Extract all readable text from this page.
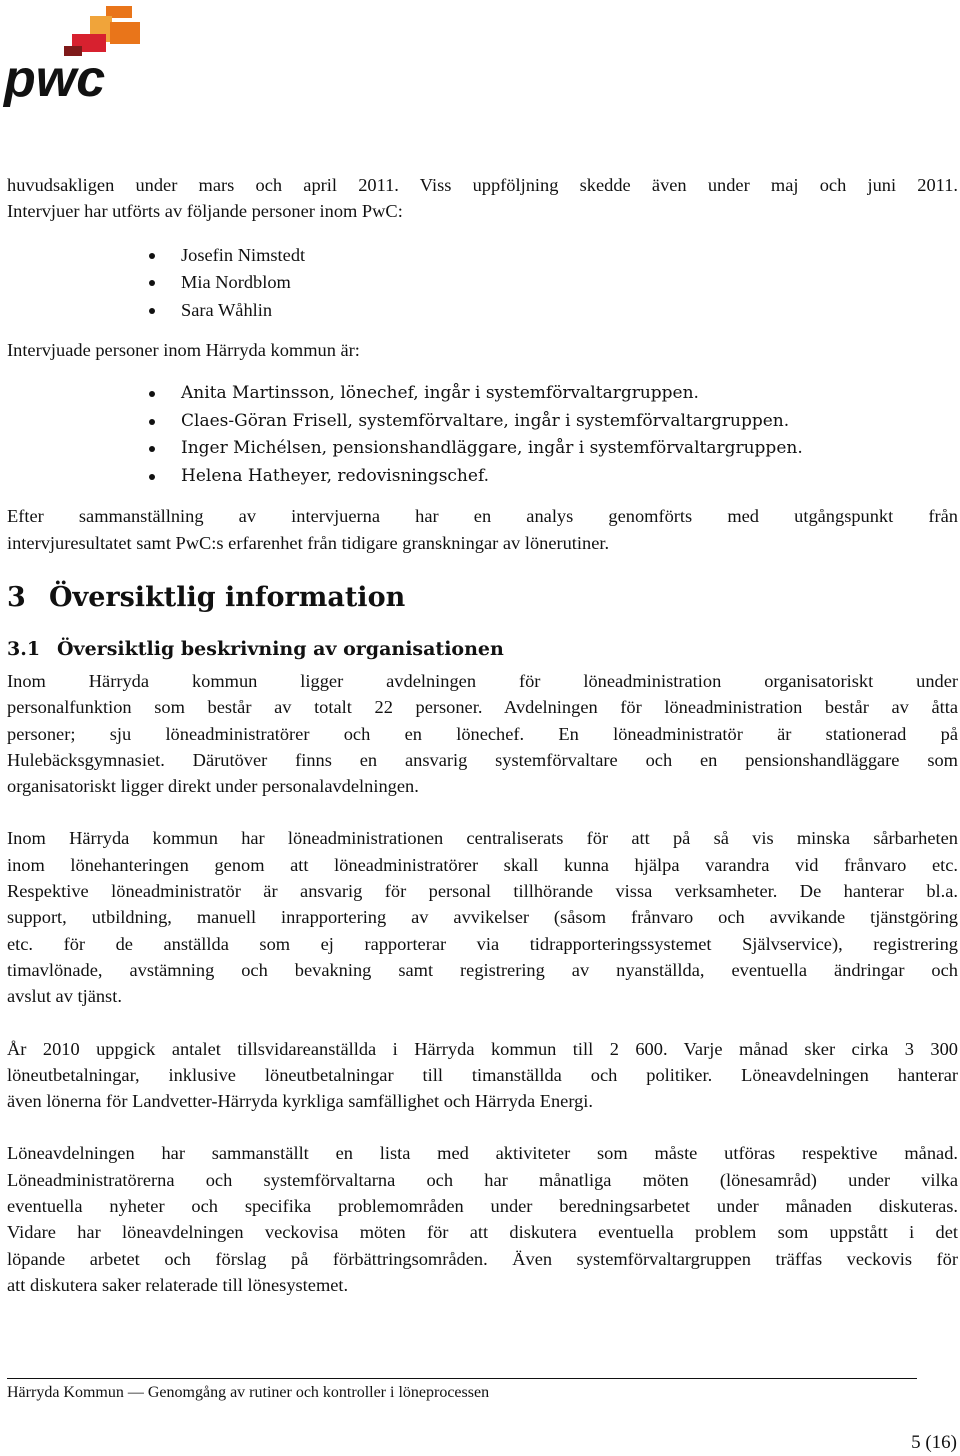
pwc

huvudsakligen under mars och april 2011. Viss uppföljning skedde även under maj och juni 2011.

Intervjuer har utförts av följande personer inom PwC:

Josefin Nimstedt
Mia Nordblom
Sara Wåhlin

Intervjuade personer inom Härryda kommun är:

Anita Martinsson, lönechef, ingår i systemförvaltargruppen.
Claes-Göran Frisell, systemförvaltare, ingår i systemförvaltargruppen.
Inger Michélsen, pensionshandläggare, ingår i systemförvaltargruppen.
Helena Hatheyer, redovisningschef.

Efter sammanställning av intervjuerna har en analys genomförts med utgångspunkt från

intervjuresultatet samt PwC:s erfarenhet från tidigare granskningar av lönerutiner.

3 Översiktlig information
3.1 Översiktlig beskrivning av organisationen

Inom Härryda kommun ligger avdelningen för löneadministration organisatoriskt under

personalfunktion som består av totalt 22 personer. Avdelningen för löneadministration består av åtta

personer; sju löneadministratörer och en lönechef. En löneadministratör är stationerad på

Hulebäcksgymnasiet. Därutöver finns en ansvarig systemförvaltare och en pensionshandläggare som

organisatoriskt ligger direkt under personalavdelningen.

Inom Härryda kommun har löneadministrationen centraliserats för att på så vis minska sårbarheten

inom lönehanteringen genom att löneadministratörer skall kunna hjälpa varandra vid frånvaro etc.

Respektive löneadministratör är ansvarig för personal tillhörande vissa verksamheter. De hanterar bl.a.

support, utbildning, manuell inrapportering av avvikelser (såsom frånvaro och avvikande tjänstgöring

etc. för de anställda som ej rapporterar via tidrapporteringssystemet Självservice), registrering

timavlönade, avstämning och bevakning samt registrering av nyanställda, eventuella ändringar och

avslut av tjänst.

År 2010 uppgick antalet tillsvidareanställda i Härryda kommun till 2 600. Varje månad sker cirka 3 300

löneutbetalningar, inklusive löneutbetalningar till timanställda och politiker. Löneavdelningen hanterar

även lönerna för Landvetter-Härryda kyrkliga samfällighet och Härryda Energi.

Löneavdelningen har sammanställt en lista med aktiviteter som måste utföras respektive månad.

Löneadministratörerna och systemförvaltarna och har månatliga möten (lönesamråd) under vilka

eventuella nyheter och specifika problemområden under beredningsarbetet under månaden diskuteras.

Vidare har löneavdelningen veckovisa möten för att diskutera eventuella problem som uppstått i det

löpande arbetet och förslag på förbättringsområden. Även systemförvaltargruppen träffas veckovis för

att diskutera saker relaterade till lönesystemet.

Härryda Kommun — Genomgång av rutiner och kontroller i löneprocessen
5 (16)
